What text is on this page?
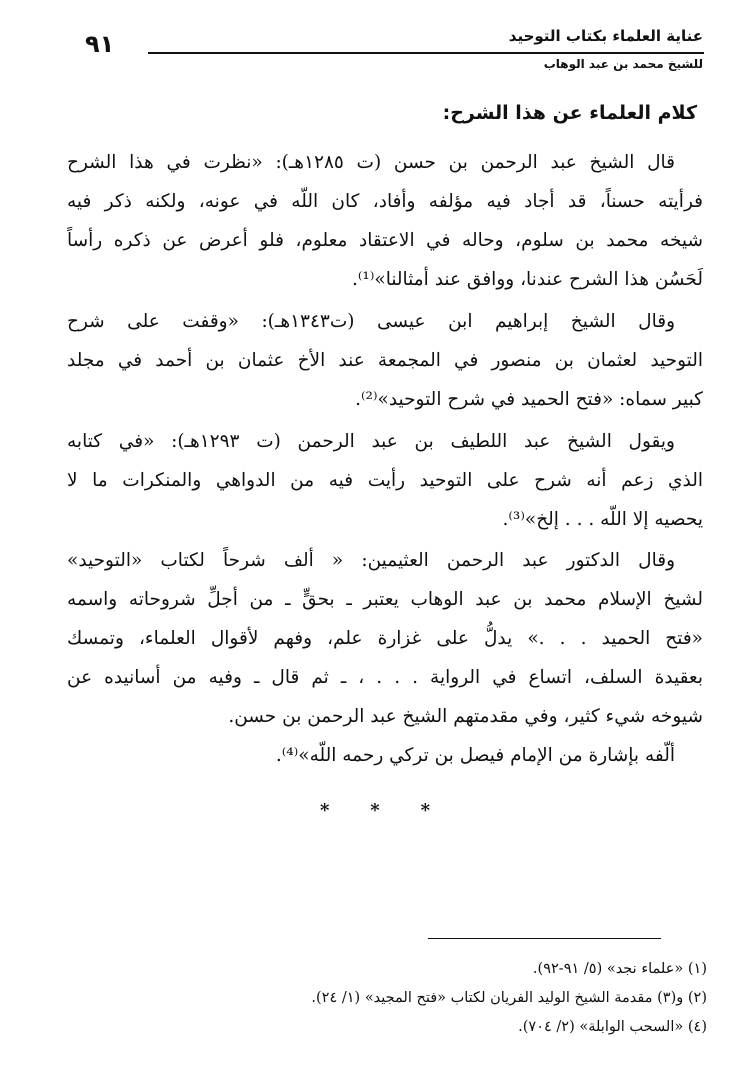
عناية العلماء بكتاب التوحيد
٩١
للشيخ محمد بن عبد الوهاب
كلام العلماء عن هذا الشرح:
قال الشيخ عبد الرحمن بن حسن (ت ١٢٨٥هـ): «نظرت في هذا الشرح
فرأيته حسناً، قد أجاد فيه مؤلفه وأفاد، كان اللّه في عونه، ولكنه ذكر فيه
شيخه محمد بن سلوم، وحاله في الاعتقاد معلوم، فلو أعرض عن ذكره رأساً
لَحَسُن هذا الشرح عندنا، ووافق عند أمثالنا»⁽¹⁾.
وقال الشيخ إبراهيم ابن عيسى (ت١٣٤٣هـ): «وقفت على شرح
التوحيد لعثمان بن منصور في المجمعة عند الأخ عثمان بن أحمد في مجلد
كبير سماه: «فتح الحميد في شرح التوحيد»⁽²⁾.
ويقول الشيخ عبد اللطيف بن عبد الرحمن (ت ١٢٩٣هـ): «في كتابه
الذي زعم أنه شرح على التوحيد رأيت فيه من الدواهي والمنكرات ما لا
يحصيه إلا اللّه . . . إلخ»⁽³⁾.
وقال الدكتور عبد الرحمن العثيمين: « ألف شرحاً لكتاب «التوحيد»
لشيخ الإسلام محمد بن عبد الوهاب يعتبر ـ بحقٍّ ـ من أجلِّ شروحاته واسمه
«فتح الحميد . . .» يدلُّ على غزارة علم، وفهم لأقوال العلماء، وتمسك
بعقيدة السلف، اتساع في الرواية . . . ، ـ ثم قال ـ وفيه من أسانيده عن
شيوخه شيء كثير، وفي مقدمتهم الشيخ عبد الرحمن بن حسن.
ألّفه بإشارة من الإمام فيصل بن تركي رحمه اللّه»⁽⁴⁾.
* * *
(١) «علماء نجد» (٥/ ٩١-٩٢).
(٢) و(٣) مقدمة الشيخ الوليد الفريان لكتاب «فتح المجيد» (١/ ٢٤).
(٤) «السحب الوابلة» (٢/ ٧٠٤).
